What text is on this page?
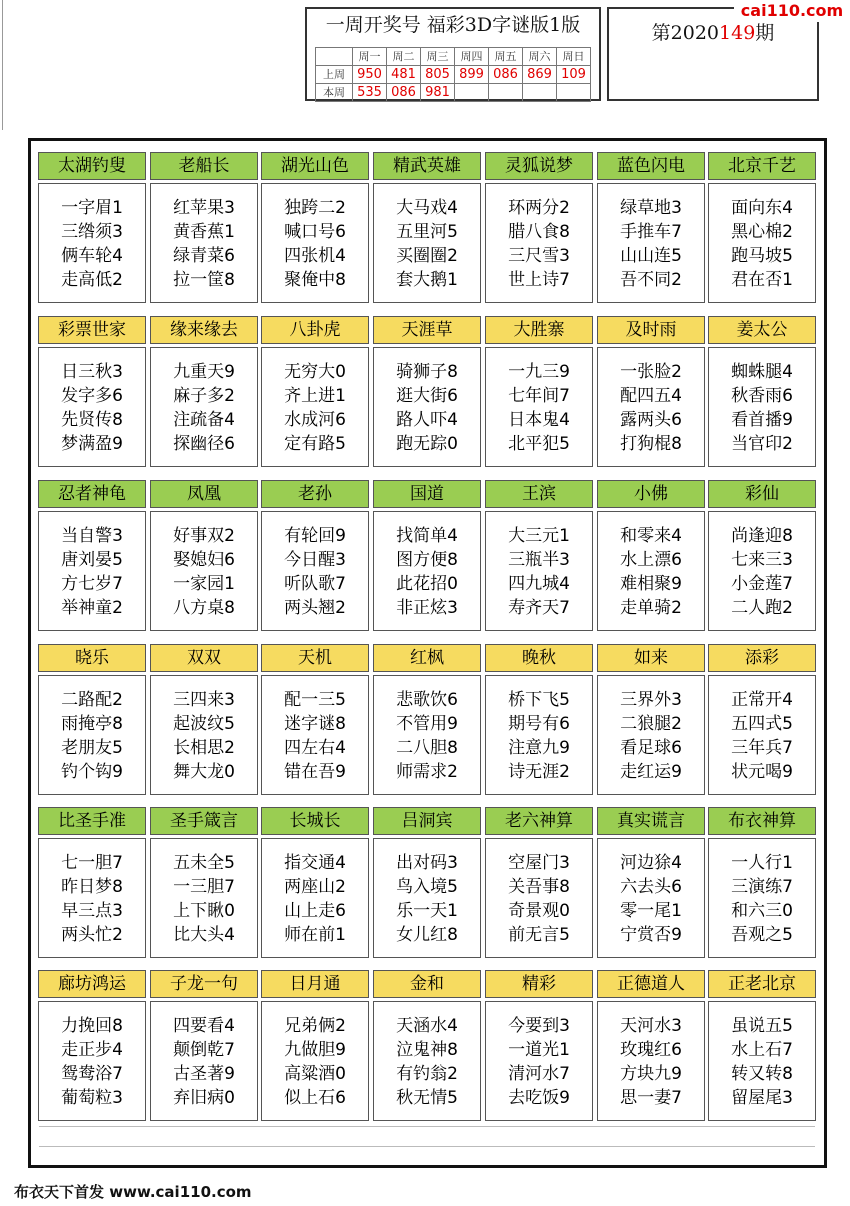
一周开奖号 福彩3D字谜版1版
	周一	周二	周三	周四	周五	周六	周日
上周	950	481	805	899	086	869	109
本周	535	086	981				
第2020149期
cai110.com
太湖钓叟
一字眉1
三绺须3
俩车轮4
走高低2
老船长
红苹果3
黄香蕉1
绿青菜6
拉一筐8
湖光山色
独跨二2
喊口号6
四张机4
聚俺中8
精武英雄
大马戏4
五里河5
买圈圈2
套大鹅1
灵狐说梦
环两分2
腊八食8
三尺雪3
世上诗7
蓝色闪电
绿草地3
手推车7
山山连5
吾不同2
北京千艺
面向东4
黑心棉2
跑马坡5
君在否1
彩票世家
日三秋3
发字多6
先贤传8
梦满盈9
缘来缘去
九重天9
麻子多2
注疏备4
探幽径6
八卦虎
无穷大0
齐上进1
水成河6
定有路5
天涯草
骑狮子8
逛大街6
路人吓4
跑无踪0
大胜寨
一九三9
七年间7
日本鬼4
北平犯5
及时雨
一张脸2
配四五4
露两头6
打狗棍8
姜太公
蜘蛛腿4
秋香雨6
看首播9
当官印2
忍者神龟
当自警3
唐刘晏5
方七岁7
举神童2
凤凰
好事双2
娶媳妇6
一家园1
八方桌8
老孙
有轮回9
今日醒3
听队歌7
两头翘2
国道
找简单4
图方便8
此花招0
非正炫3
王滨
大三元1
三瓶半3
四九城4
寿齐天7
小佛
和零来4
水上漂6
难相聚9
走单骑2
彩仙
尚逢迎8
七来三3
小金莲7
二人跑2
晓乐
二路配2
雨掩亭8
老朋友5
钓个钩9
双双
三四来3
起波纹5
长相思2
舞大龙0
天机
配一三5
迷字谜8
四左右4
错在吾9
红枫
悲歌饮6
不管用9
二八胆8
师需求2
晚秋
桥下飞5
期号有6
注意九9
诗无涯2
如来
三界外3
二狼腿2
看足球6
走红运9
添彩
正常开4
五四式5
三年兵7
状元喝9
比圣手准
七一胆7
昨日梦8
早三点3
两头忙2
圣手箴言
五未全5
一三胆7
上下瞅0
比大头4
长城长
指交通4
两座山2
山上走6
师在前1
吕洞宾
出对码3
鸟入境5
乐一天1
女儿红8
老六神算
空屋门3
关吾事8
奇景观0
前无言5
真实谎言
河边狳4
六去头6
零一尾1
宁赏否9
布衣神算
一人行1
三演练7
和六三0
吾观之5
廊坊鸿运
力挽回8
走正步4
鸳鸯浴7
葡萄粒3
子龙一句
四要看4
颠倒乾7
古圣著9
弃旧病0
日月通
兄弟俩2
九做胆9
高粱酒0
似上石6
金和
天涵水4
泣鬼神8
有钓翁2
秋无情5
精彩
今要到3
一道光1
清河水7
去吃饭9
正德道人
天河水3
玫瑰红6
方块九9
思一妻7
正老北京
虽说五5
水上石7
转又转8
留屋尾3
布衣天下首发 www.cai110.com
